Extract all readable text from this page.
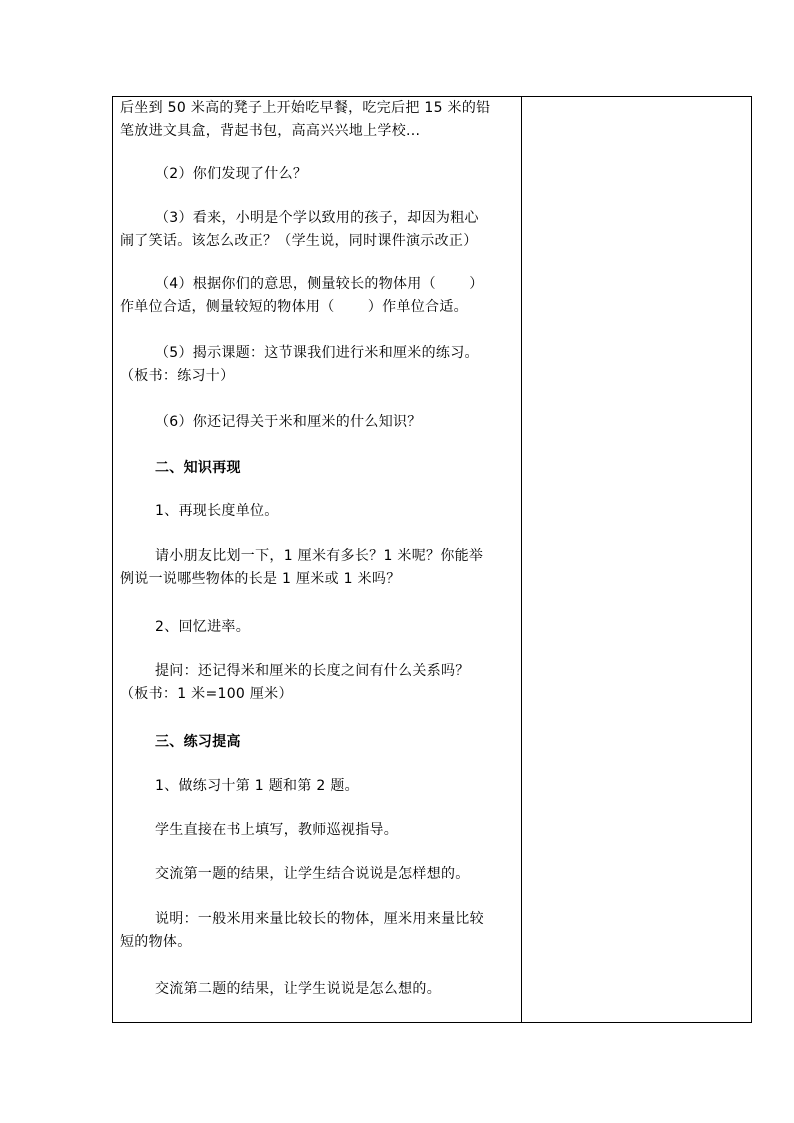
后坐到 50 米高的凳子上开始吃早餐，吃完后把 15 米的铅
笔放进文具盒，背起书包，高高兴兴地上学校...
（2）你们发现了什么？
（3）看来，小明是个学以致用的孩子，却因为粗心
闹了笑话。该怎么改正？（学生说，同时课件演示改正）
（4）根据你们的意思，侧量较长的物体用（　　 ）
作单位合适，侧量较短的物体用（　　 ）作单位合适。
（5）揭示课题：这节课我们进行米和厘米的练习。
（板书：练习十）
（6）你还记得关于米和厘米的什么知识？
二、知识再现
1、再现长度单位。
请小朋友比划一下，1 厘米有多长？1 米呢？你能举
例说一说哪些物体的长是 1 厘米或 1 米吗？
2、回忆进率。
提问：还记得米和厘米的长度之间有什么关系吗？
（板书：1 米=100 厘米）
三、练习提高
1、做练习十第 1 题和第 2 题。
学生直接在书上填写，教师巡视指导。
交流第一题的结果，让学生结合说说是怎样想的。
说明：一般米用来量比较长的物体，厘米用来量比较
短的物体。
交流第二题的结果，让学生说说是怎么想的。
